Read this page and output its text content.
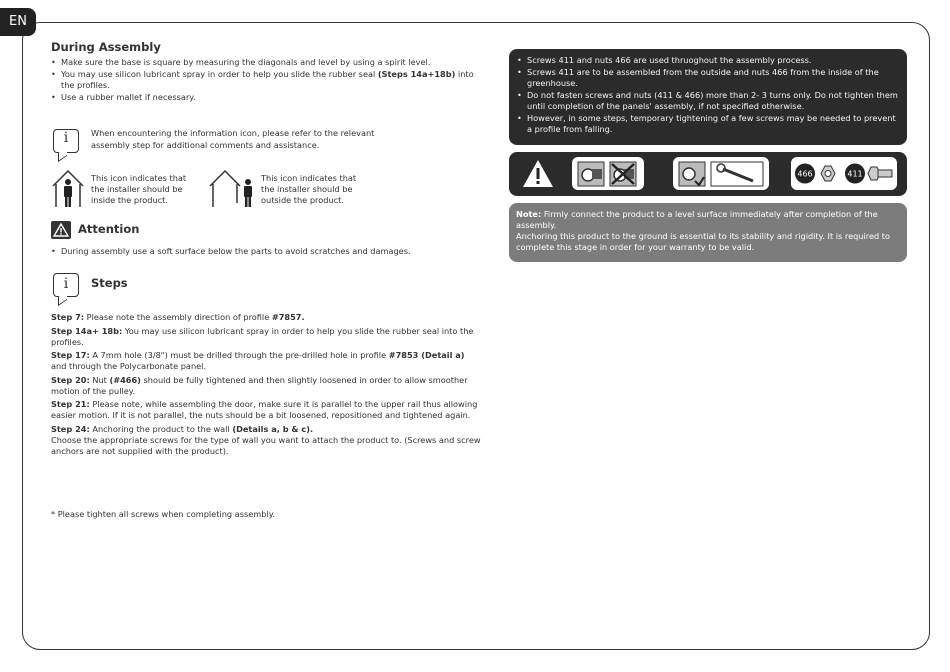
EN
During Assembly
• Make sure the base is square by measuring the diagonals and level by using a spirit level.
• You may use silicon lubricant spray in order to help you slide the rubber seal (Steps 14a+18b) into the profiles.
• Use a rubber mallet if necessary.
i	When encountering the information icon, please refer to the relevant assembly step for additional comments and assistance.
This icon indicates that the installer should be inside the product.
This icon indicates that the installer should be outside the product.
Attention
• During assembly use a soft surface below the parts to avoid scratches and damages.
i	Steps

Step 7: Please note the assembly direction of profile #7857.

Step 14a+ 18b: You may use silicon lubricant spray in order to help you slide the rubber seal into the profiles.

Step 17: A 7mm hole (3/8") must be drilled through the pre-drilled hole in profile #7853 (Detail a) and through the Polycarbonate panel.

Step 20: Nut (#466) should be fully tightened and then slightly loosened in order to allow smoother motion of the pulley.

Step 21: Please note, while assembling the door, make sure it is parallel to the upper rail thus allowing easier motion. If it is not parallel, the nuts should be a bit loosened, repositioned and tightened again.

Step 24: Anchoring the product to the wall (Details a, b & c).

Choose the appropriate screws for the type of wall you want to attach the product to. (Screws and screw anchors are not supplied with the product).

* Please tighten all screws when completing assembly.
• Screws 411 and nuts 466 are used thruoghout the assembly process.
• Screws 411 are to be assembled from the outside and nuts 466 from the inside of the greenhouse.
• Do not fasten screws and nuts (411 & 466) more than 2- 3 turns only. Do not tighten them until completion of the panels' assembly, if not specified otherwise.
• However, in some steps, temporary tightening of a few screws may be needed to prevent a profile from falling.
466	411

Note: Firmly connect the product to a level surface immediately after completion of the assembly.
Anchoring this product to the ground is essential to its stability and rigidity. It is required to complete this stage in order for your warranty to be valid.
